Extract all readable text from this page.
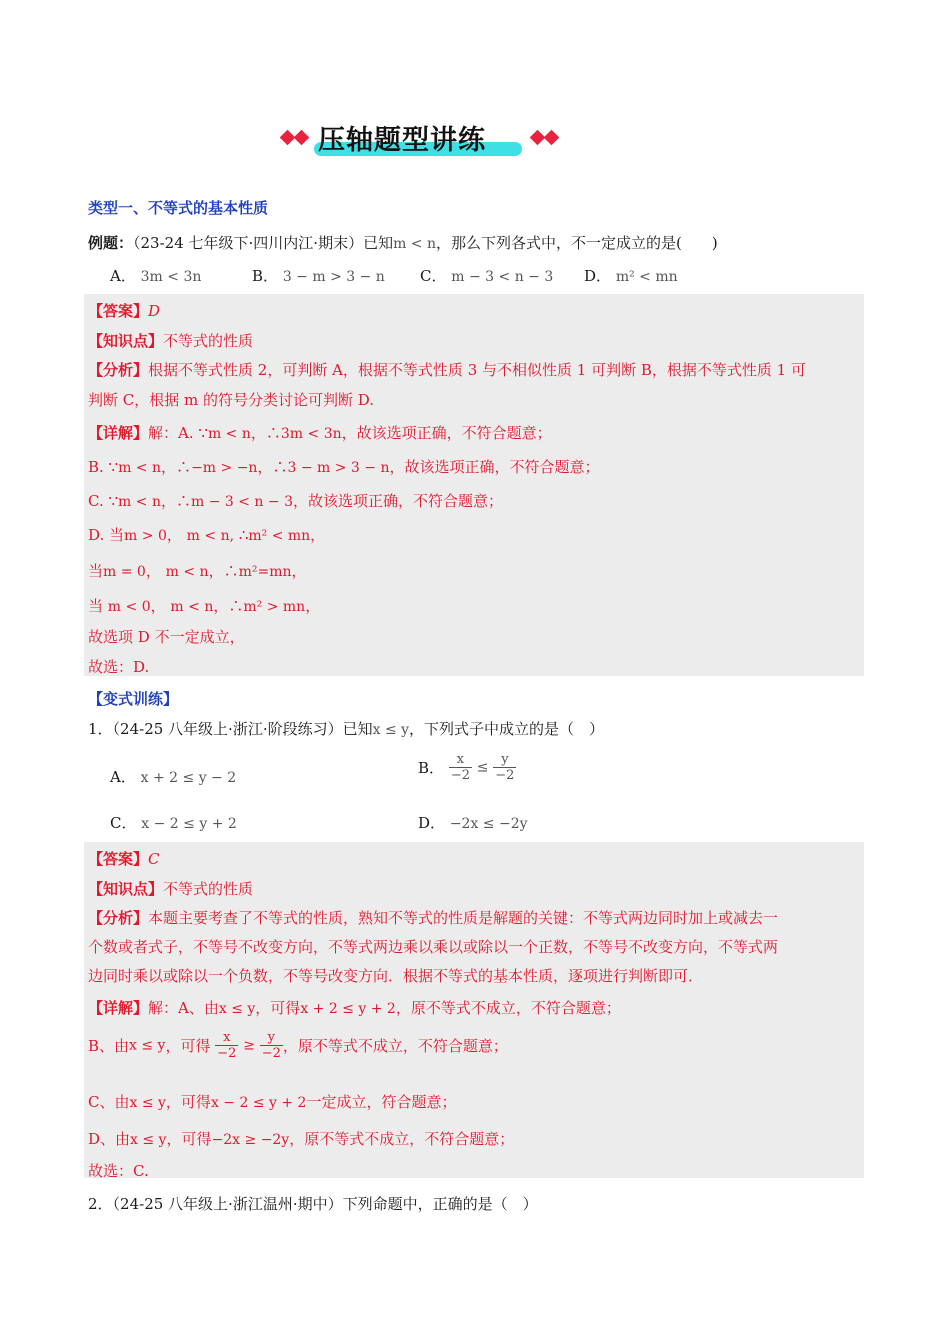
压轴题型讲练
类型一、不等式的基本性质
例题：（23-24 七年级下·四川内江·期末）已知m < n，那么下列各式中，不一定成立的是(　　)
A． 3m < 3n	B． 3 − m > 3 − n C． m − 3 < n − 3 D． m² < mn
【答案】D
【知识点】不等式的性质
【分析】根据不等式性质 2，可判断 A，根据不等式性质 3 与不相似性质 1 可判断 B，根据不等式性质 1 可
判断 C，根据 m 的符号分类讨论可判断 D.
【详解】解：A. ∵m < n，∴3m < 3n，故该选项正确，不符合题意；
B. ∵m < n，∴−m > −n，∴3 − m > 3 − n，故该选项正确，不符合题意；
C. ∵m < n，∴m − 3 < n − 3，故该选项正确，不符合题意；
D. 当m > 0， m < n, ∴m² < mn，
当m = 0， m < n，∴m²=mn，
当 m < 0， m < n，∴m² > mn，
故选项 D 不一定成立，
故选：D.
【变式训练】
1．（24-25 八年级上·浙江·阶段练习）已知x ≤ y，下列式子中成立的是（　）
A． x + 2 ≤ y − 2
B． $\frac{x}{-2} \le \frac{y}{-2}$
C． x − 2 ≤ y + 2	D． −2x ≤ −2y
【答案】C
【知识点】不等式的性质
【分析】本题主要考查了不等式的性质，熟知不等式的性质是解题的关键：不等式两边同时加上或减去一
个数或者式子，不等号不改变方向，不等式两边乘以乘以或除以一个正数，不等号不改变方向，不等式两
边同时乘以或除以一个负数，不等号改变方向．根据不等式的基本性质，逐项进行判断即可．
【详解】解：A、由x ≤ y，可得x + 2 ≤ y + 2，原不等式不成立，不符合题意；
B、由x ≤ y，可得 $\frac{x}{-2} \ge \frac{y}{-2}$ ，原不等式不成立，不符合题意；
C、由x ≤ y，可得x − 2 ≤ y + 2一定成立，符合题意；
D、由x ≤ y，可得−2x ≥ −2y，原不等式不成立，不符合题意；
故选：C.
2．（24-25 八年级上·浙江温州·期中）下列命题中，正确的是（　）
